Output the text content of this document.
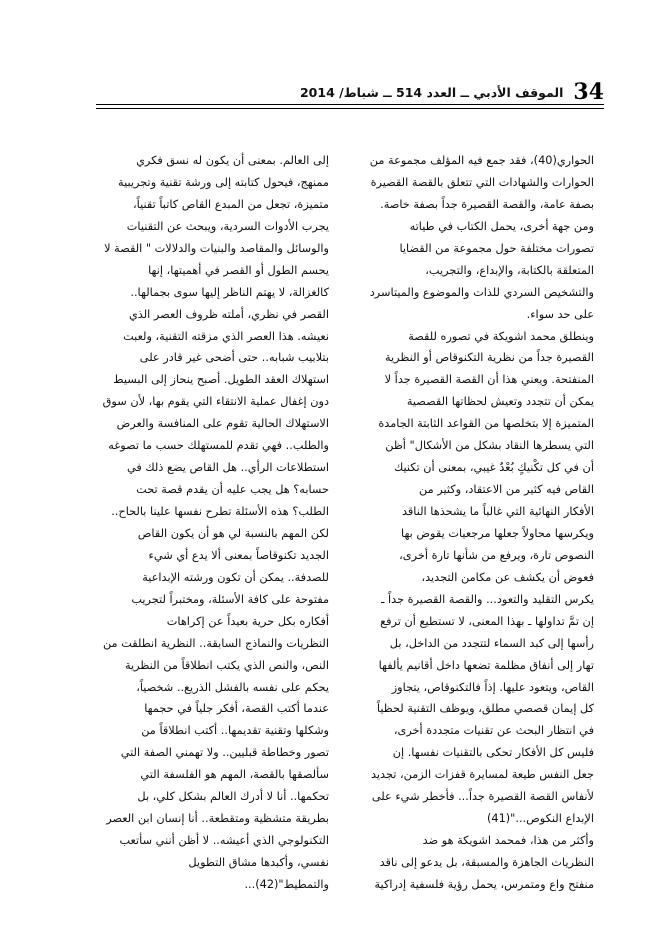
34
الموقف الأدبي ــ العدد 514 ــ شباط/ 2014
الحواري(40)، فقد جمع فيه المؤلف مجموعة من
الحوارات والشهادات التي تتعلق بالقصة القصيرة
بصفة عامة، والقصة القصيرة جداً بصفة خاصة.
ومن جهة أخرى، يحمل الكتاب في طياته
تصورات مختلفة حول مجموعة من القضايا
المتعلقة بالكتابة، والإبداع، والتجريب،
والتشخيص السردي للذات والموضوع والميتاسرد
على حد سواء.
وينطلق محمد اشويكة في تصوره للقصة
القصيرة جداً من نظرية التكنوقاص أو النظرية
المنفتحة. ويعني هذا أن القصة القصيرة جداً لا
يمكن أن تتجدد وتعيش لحظاتها القصصية
المتميزة إلا بتخلصها من القواعد الثابتة الجامدة
التي يسطرها النقاد بشكل من الأشكال" أظن
أن في كل تكْنيكٍ بُعْدٌ غيبي، بمعنى أن تكنيك
القاص فيه كثير من الاعتقاد، وكثير من
الأفكار النهائية التي غالباً ما يشحذها الناقد
ويكرسها محاولاً جعلها مرجعيات يقوض بها
النصوص تارة، ويرفع من شأنها تارة أخرى،
فعوض أن يكشف عن مكامن التجديد،
يكرس التقليد والتعود... والقصة القصيرة جداً ـ
إن تمَّ تداولها ـ بهذا المعنى، لا تستطيع أن ترفع
رأسها إلى كبد السماء لتتجدد من الداخل، بل
تهار إلى أنفاق مظلمة تضعها داخل أقانيم يألفها
القاص، ويتعود عليها. إذاً فالتكنوقاص، يتجاوز
كل إيمان قصصي مطلق، ويوظف التقنية لحظياً
في انتظار البحث عن تقنيات متجددة أخرى،
فليس كل الأفكار تحكى بالتقنيات نفسها. إن
جعل النفس طيعة لمسايرة قفزات الزمن، تجديد
لأنفاس القصة القصيرة جداً... فأخطر شيء على
الإبداع النكوص..."(41)
وأكثر من هذا، فمحمد اشويكة هو ضد
النظريات الجاهزة والمسبقة، بل يدعو إلى ناقد
منفتح واع ومتمرس، يحمل رؤية فلسفية إدراكية
إلى العالم. بمعنى أن يكون له نسق فكري
ممنهج، فيحول كتابته إلى ورشة تقنية وتجريبية
متميزة، تجعل من المبدع القاص كاتباً تقنياً،
يجرب الأدوات السردية، ويبحث عن التقنيات
والوسائل والمقاصد والبنيات والدلالات " القصة لا
يحسم الطول أو القصر في أهميتها، إنها
كالغزالة، لا يهتم الناظر إليها سوى بجمالها..
القصر في نظري، أملته ظروف العصر الذي
نعيشه. هذا العصر الذي مزقته التقنية، ولعبت
بتلابيب شبابه.. حتى أضحى غير قادر على
استهلاك العقد الطويل. أصبح ينحاز إلى البسيط
دون إغفال عملية الانتقاء التي يقوم بها، لأن سوق
الاستهلاك الحالية تقوم على المنافسة والعرض
والطلب.. فهي تقدم للمستهلك حسب ما تصوغه
استطلاعات الرأي.. هل القاص يضع ذلك في
حسابه؟ هل يجب عليه أن يقدم قصة تحت
الطلب؟ هذه الأسئلة تطرح نفسها علينا بالحاح..
لكن المهم بالنسبة لي هو أن يكون القاص
الجديد تكنوقاصاً بمعنى ألا يدع أي شيء
للصدفة.. يمكن أن تكون ورشته الإبداعية
مفتوحة على كافة الأسئلة، ومختبراً لتجريب
أفكاره بكل حرية بعيداً عن إكراهات
النظريات والنماذج السابقة.. النظرية انطلقت من
النص، والنص الذي يكتب انطلاقاً من النظرية
يحكم على نفسه بالفشل الذريع.. شخصياً،
عندما أكتب القصة، أفكر جلياً في حجمها
وشكلها وتقنية تقديمها.. أكتب انطلاقاً من
تصور وخطاطة قبليين.. ولا تهمني الصفة التي
سألصقها بالقصة، المهم هو الفلسفة التي
تحكمها.. أنا لا أدرك العالم بشكل كلي، بل
بطريقة متشظية ومتقطعة.. أنا إنسان ابن العصر
التكنولوجي الذي أعيشه.. لا أظن أنني سأتعب
نفسي، وأكبدها مشاق التطويل
والتمطيط"(42)...
